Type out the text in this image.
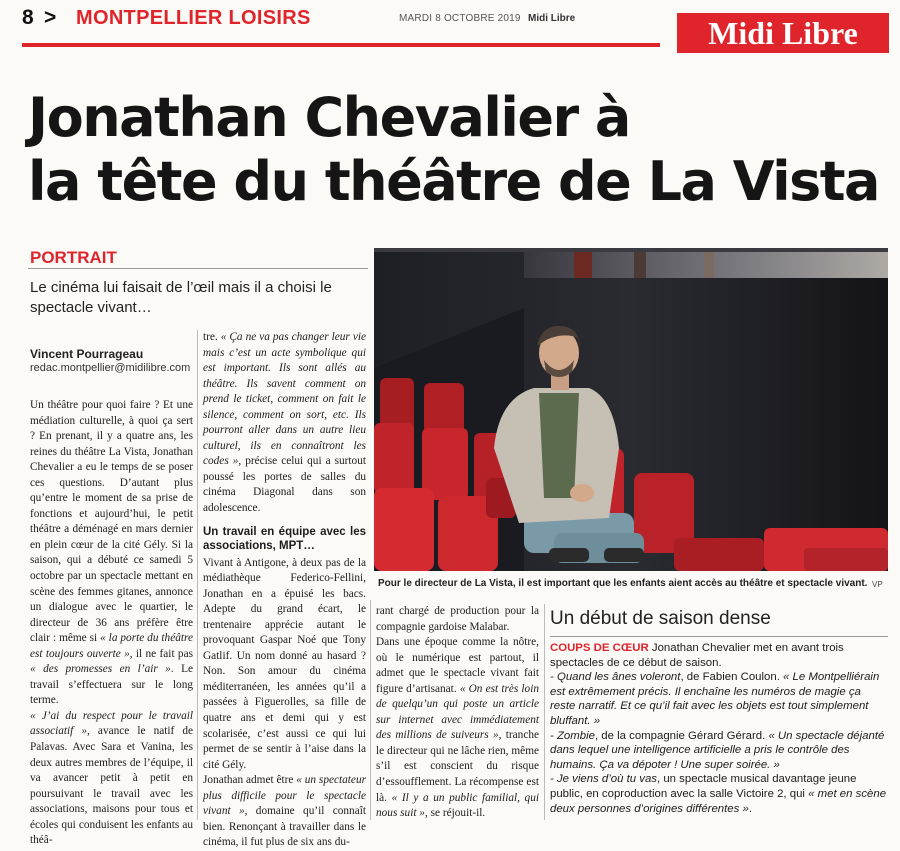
8 > MONTPELLIER LOISIRS	MARDI 8 OCTOBRE 2019 Midi Libre	Midi Libre
Jonathan Chevalier à
la tête du théâtre de La Vista
PORTRAIT
Le cinéma lui faisait de l’œil mais il a choisi le spectacle vivant…
Vincent Pourrageau
redac.montpellier@midilibre.com

Un théâtre pour quoi faire ? Et une médiation culturelle, à quoi ça sert ? En prenant, il y a quatre ans, les reines du théâtre La Vista, Jonathan Chevalier a eu le temps de se poser ces questions. D’autant plus qu’entre le moment de sa prise de fonctions et aujourd’hui, le petit théâtre a déménagé en mars dernier en plein cœur de la cité Gély. Si la saison, qui a débuté ce samedi 5 octobre par un spectacle mettant en scène des femmes gitanes, annonce un dialogue avec le quartier, le directeur de 36 ans préfère être clair : même si « la porte du théâtre est toujours ouverte », il ne fait pas « des promesses en l’air ». Le travail s’effectuera sur le long terme.

« J’ai du respect pour le travail associatif », avance le natif de Palavas. Avec Sara et Vanina, les deux autres membres de l’équipe, il va avancer petit à petit en poursuivant le travail avec les associations, maisons pour tous et écoles qui conduisent les enfants au théâ-

tre. « Ça ne va pas changer leur vie mais c’est un acte symbolique qui est important. Ils sont allés au théâtre. Ils savent comment on prend le ticket, comment on fait le silence, comment on sort, etc. Ils pourront aller dans un autre lieu culturel, ils en connaîtront les codes », précise celui qui a surtout poussé les portes de salles du cinéma Diagonal dans son adolescence.

Un travail en équipe avec les associations, MPT…

Vivant à Antigone, à deux pas de la médiathèque Federico-Fellini, Jonathan en a épuisé les bacs. Adepte du grand écart, le trentenaire apprécie autant le provoquant Gaspar Noé que Tony Gatlif. Un nom donné au hasard ? Non. Son amour du cinéma méditerranéen, les années qu’il a passées à Figuerolles, sa fille de quatre ans et demi qui y est scolarisée, c’est aussi ce qui lui permet de se sentir à l’aise dans la cité Gély.

Jonathan admet être « un spectateur plus difficile pour le spectacle vivant », domaine qu’il connaît bien. Renonçant à travailler dans le cinéma, il fut plus de six ans du-

Pour le directeur de La Vista, il est important que les enfants aient accès au théâtre et spectacle vivant. VP

rant chargé de production pour la compagnie gardoise Malabar.

Dans une époque comme la nôtre, où le numérique est partout, il admet que le spectacle vivant fait figure d’artisanat. « On est très loin de quelqu’un qui poste un article sur internet avec immédiatement des millions de suiveurs », tranche le directeur qui ne lâche rien, même s’il est conscient du risque d’essoufflement. La récompense est là. « Il y a un public familial, qui nous suit », se réjouit-il.

Un début de saison dense

COUPS DE CŒUR Jonathan Chevalier met en avant trois spectacles de ce début de saison.

- Quand les ânes voleront, de Fabien Coulon. « Le Montpelliérain est extrêmement précis. Il enchaîne les numéros de magie ça reste narratif. Et ce qu’il fait avec les objets est tout simplement bluffant. »

- Zombie, de la compagnie Gérard Gérard. « Un spectacle déjanté dans lequel une intelligence artificielle a pris le contrôle des humains. Ça va dépoter ! Une super soirée. »

- Je viens d’où tu vas, un spectacle musical davantage jeune public, en coproduction avec la salle Victoire 2, qui « met en scène deux personnes d’origines différentes ».
